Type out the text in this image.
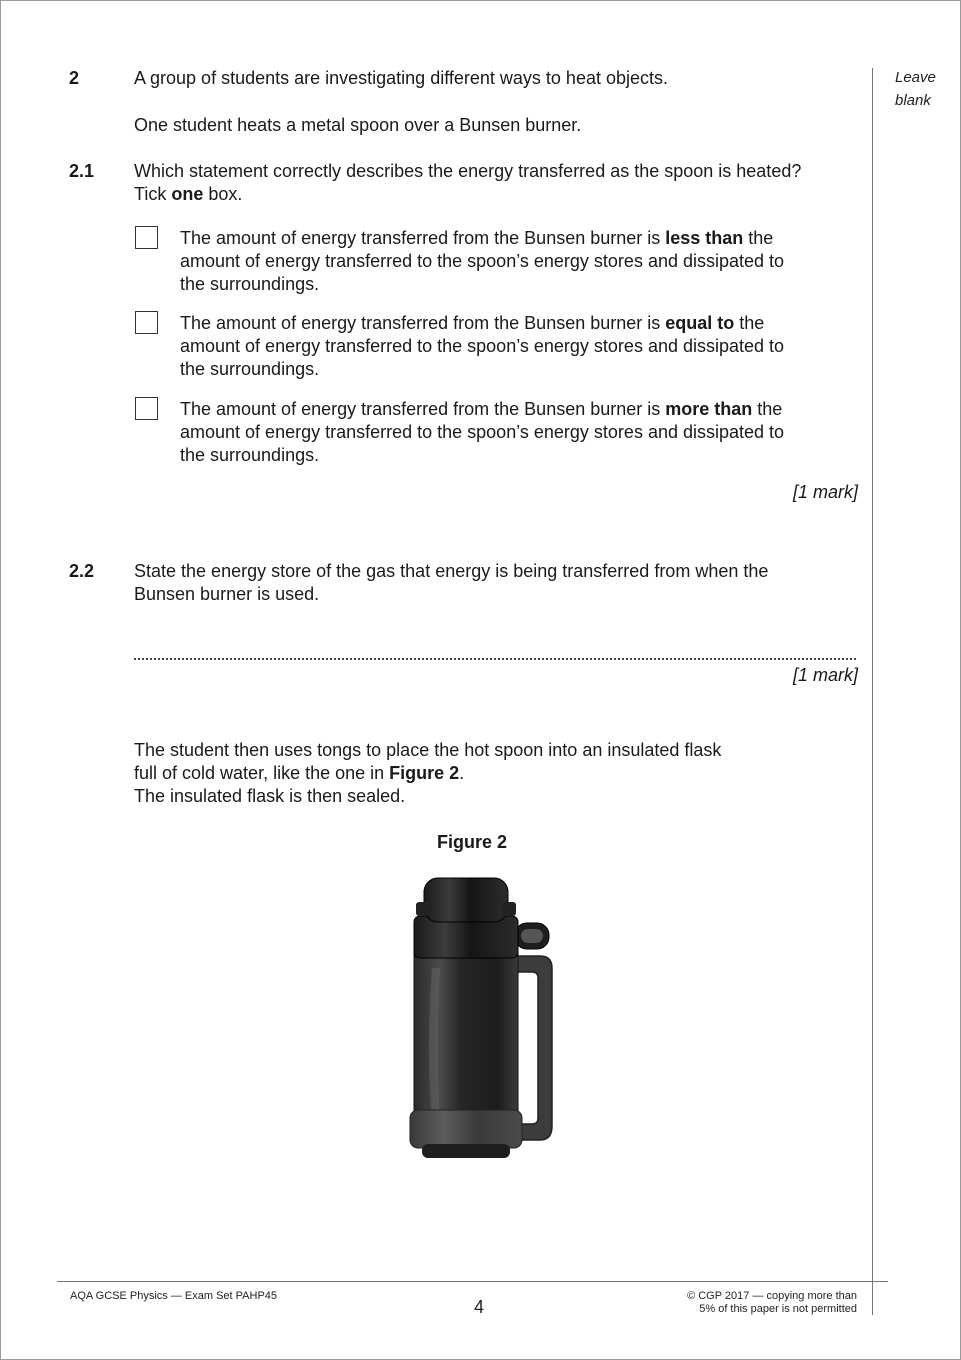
Leave
blank
2	A group of students are investigating different ways to heat objects.
One student heats a metal spoon over a Bunsen burner.
2.1 Which statement correctly describes the energy transferred as the spoon is heated?
Tick one box.
The amount of energy transferred from the Bunsen burner is less than the
amount of energy transferred to the spoon’s energy stores and dissipated to
the surroundings.
The amount of energy transferred from the Bunsen burner is equal to the
amount of energy transferred to the spoon’s energy stores and dissipated to
the surroundings.
The amount of energy transferred from the Bunsen burner is more than the
amount of energy transferred to the spoon’s energy stores and dissipated to
the surroundings.
[1 mark]
2.2 State the energy store of the gas that energy is being transferred from when the
Bunsen burner is used.
[1 mark]
The student then uses tongs to place the hot spoon into an insulated flask
full of cold water, like the one in Figure 2.
The insulated flask is then sealed.
Figure 2
AQA GCSE Physics — Exam Set PAHP45
4
© CGP 2017 — copying more than
5% of this paper is not permitted
